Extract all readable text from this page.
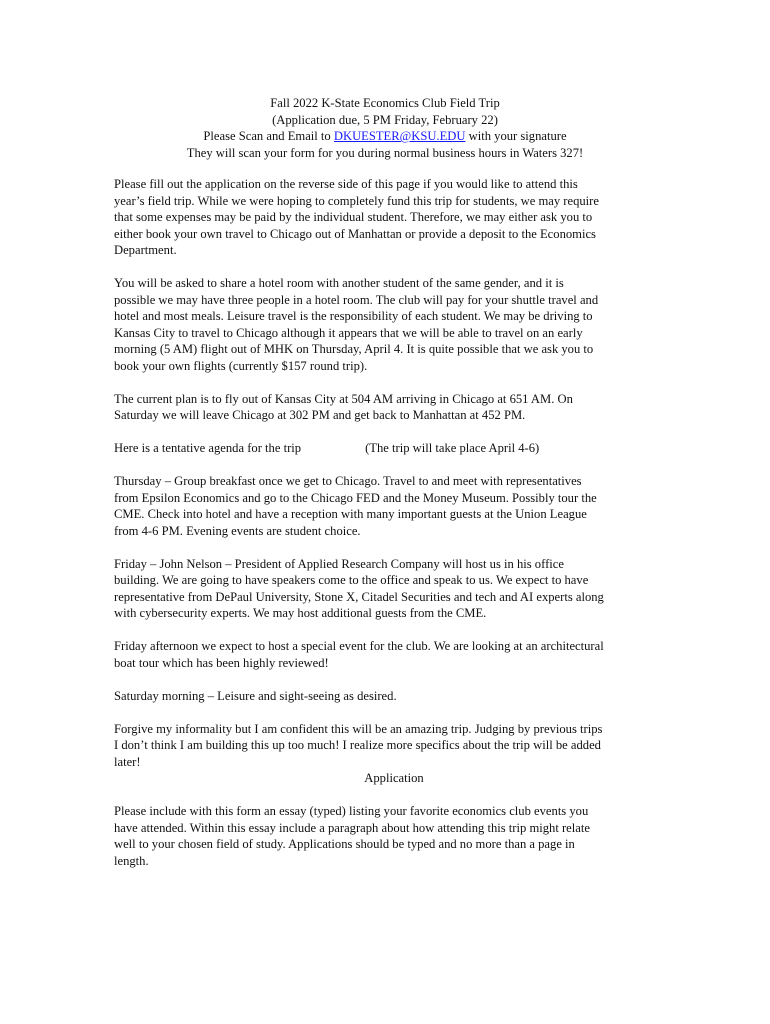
Fall 2022 K-State Economics Club Field Trip
(Application due, 5 PM Friday, February 22)
Please Scan and Email to DKUESTER@KSU.EDU with your signature
They will scan your form for you during normal business hours in Waters 327!
Please fill out the application on the reverse side of this page if you would like to attend this
year’s field trip. While we were hoping to completely fund this trip for students, we may require
that some expenses may be paid by the individual student. Therefore, we may either ask you to
either book your own travel to Chicago out of Manhattan or provide a deposit to the Economics
Department.
You will be asked to share a hotel room with another student of the same gender, and it is
possible we may have three people in a hotel room. The club will pay for your shuttle travel and
hotel and most meals. Leisure travel is the responsibility of each student. We may be driving to
Kansas City to travel to Chicago although it appears that we will be able to travel on an early
morning (5 AM) flight out of MHK on Thursday, April 4. It is quite possible that we ask you to
book your own flights (currently $157 round trip).
The current plan is to fly out of Kansas City at 504 AM arriving in Chicago at 651 AM. On
Saturday we will leave Chicago at 302 PM and get back to Manhattan at 452 PM.
Here is a tentative agenda for the trip	(The trip will take place April 4-6)
Thursday – Group breakfast once we get to Chicago. Travel to and meet with representatives
from Epsilon Economics and go to the Chicago FED and the Money Museum. Possibly tour the
CME. Check into hotel and have a reception with many important guests at the Union League
from 4-6 PM. Evening events are student choice.
Friday – John Nelson – President of Applied Research Company will host us in his office
building. We are going to have speakers come to the office and speak to us. We expect to have
representative from DePaul University, Stone X, Citadel Securities and tech and AI experts along
with cybersecurity experts. We may host additional guests from the CME.
Friday afternoon we expect to host a special event for the club. We are looking at an architectural
boat tour which has been highly reviewed!
Saturday morning – Leisure and sight-seeing as desired.
Forgive my informality but I am confident this will be an amazing trip. Judging by previous trips
I don’t think I am building this up too much! I realize more specifics about the trip will be added
later!
Application
Please include with this form an essay (typed) listing your favorite economics club events you
have attended. Within this essay include a paragraph about how attending this trip might relate
well to your chosen field of study. Applications should be typed and no more than a page in
length.
